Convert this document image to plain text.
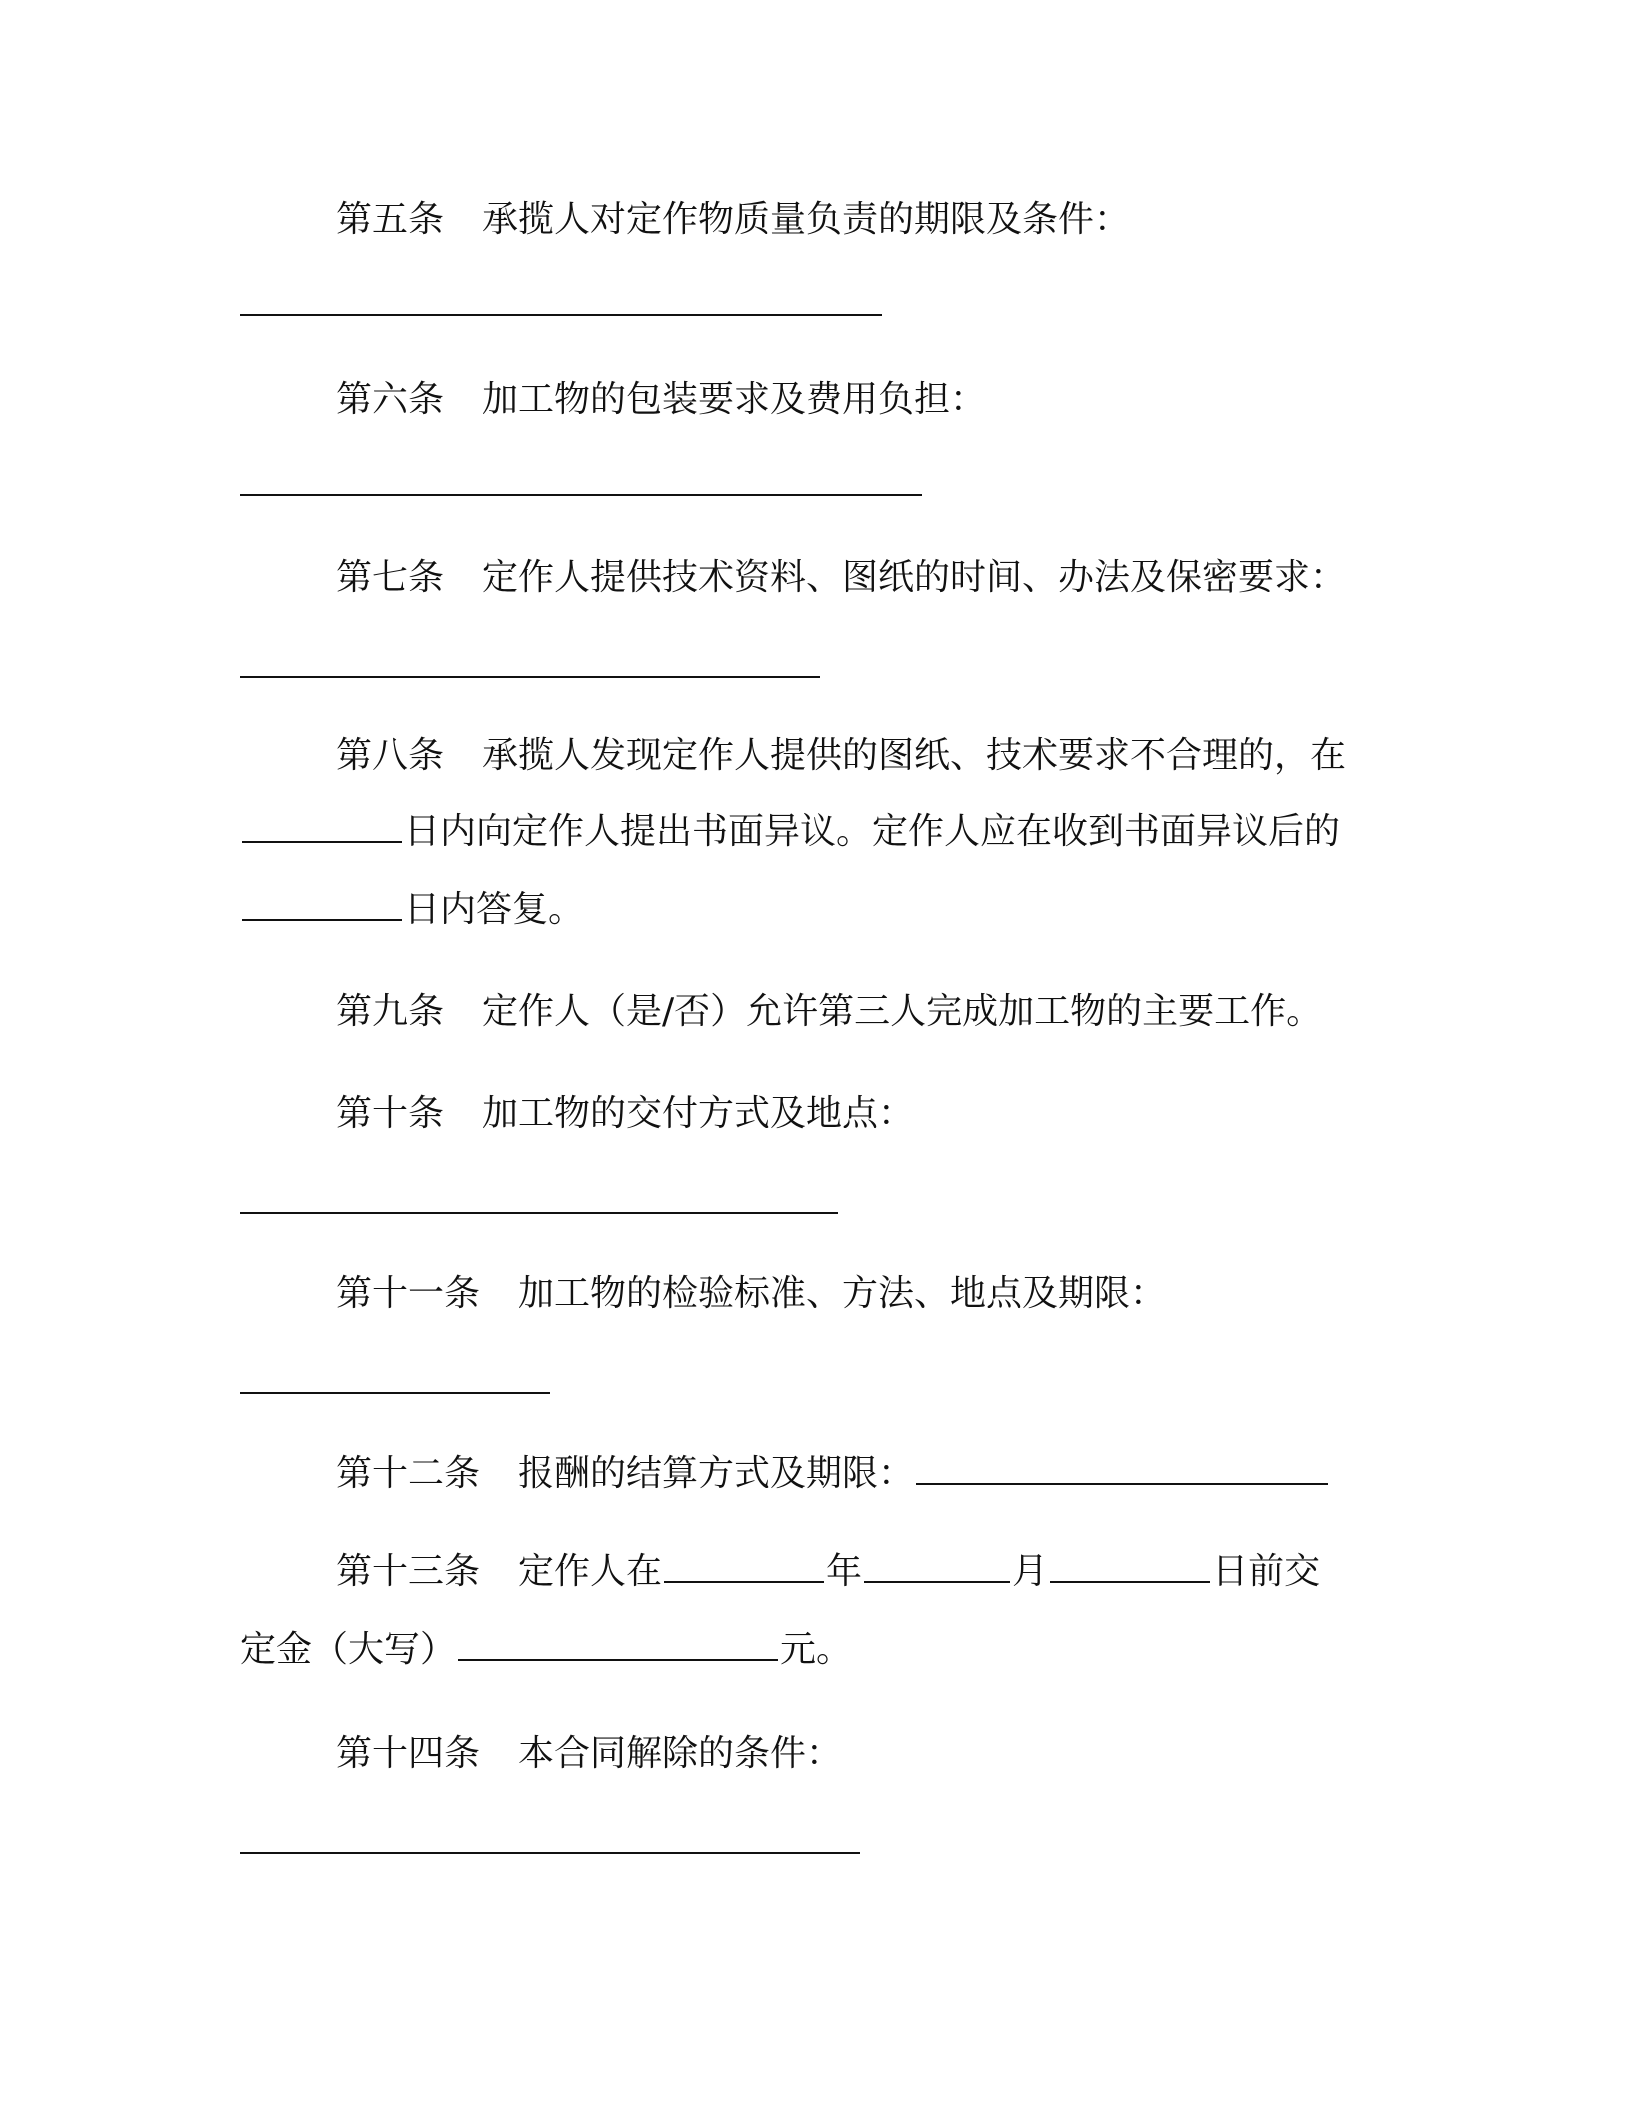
第五条 承揽人对定作物质量负责的期限及条件：

第六条 加工物的包装要求及费用负担：

第七条 定作人提供技术资料、图纸的时间、办法及保密要求：

第八条 承揽人发现定作人提供的图纸、技术要求不合理的，在

日内向定作人提出书面异议。定作人应在收到书面异议后的

日内答复。

第九条 定作人（是/否）允许第三人完成加工物的主要工作。

第十条 加工物的交付方式及地点：

第十一条 加工物的检验标准、方法、地点及期限：

第十二条 报酬的结算方式及期限：

第十三条 定作人在	年	月	日前交

定金（大写）	元。

第十四条 本合同解除的条件：
